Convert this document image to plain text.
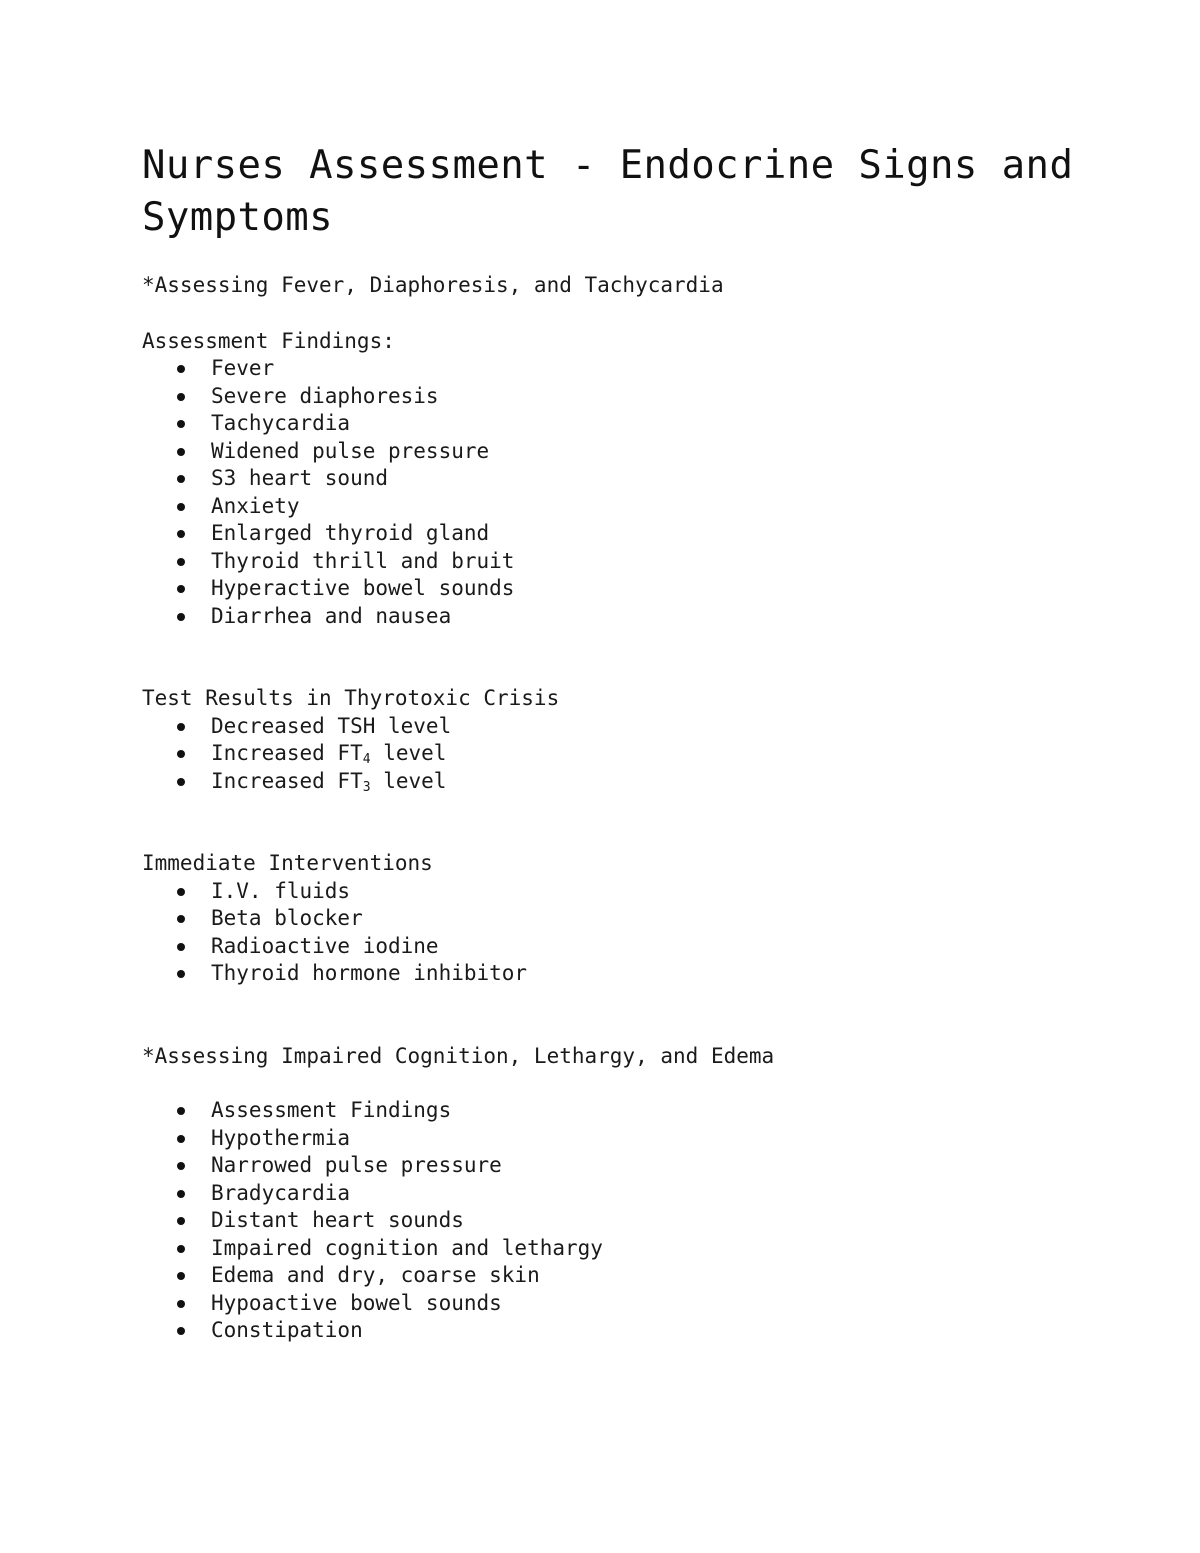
Nurses Assessment - Endocrine Signs and Symptoms

*Assessing Fever, Diaphoresis, and Tachycardia

Assessment Findings:

Fever
Severe diaphoresis
Tachycardia
Widened pulse pressure
S3 heart sound
Anxiety
Enlarged thyroid gland
Thyroid thrill and bruit
Hyperactive bowel sounds
Diarrhea and nausea

Test Results in Thyrotoxic Crisis

Decreased TSH level
Increased $FT_4$ level
Increased $FT_3$ level

Immediate Interventions

I.V. fluids
Beta blocker
Radioactive iodine
Thyroid hormone inhibitor

*Assessing Impaired Cognition, Lethargy, and Edema

Assessment Findings
Hypothermia
Narrowed pulse pressure
Bradycardia
Distant heart sounds
Impaired cognition and lethargy
Edema and dry, coarse skin
Hypoactive bowel sounds
Constipation
